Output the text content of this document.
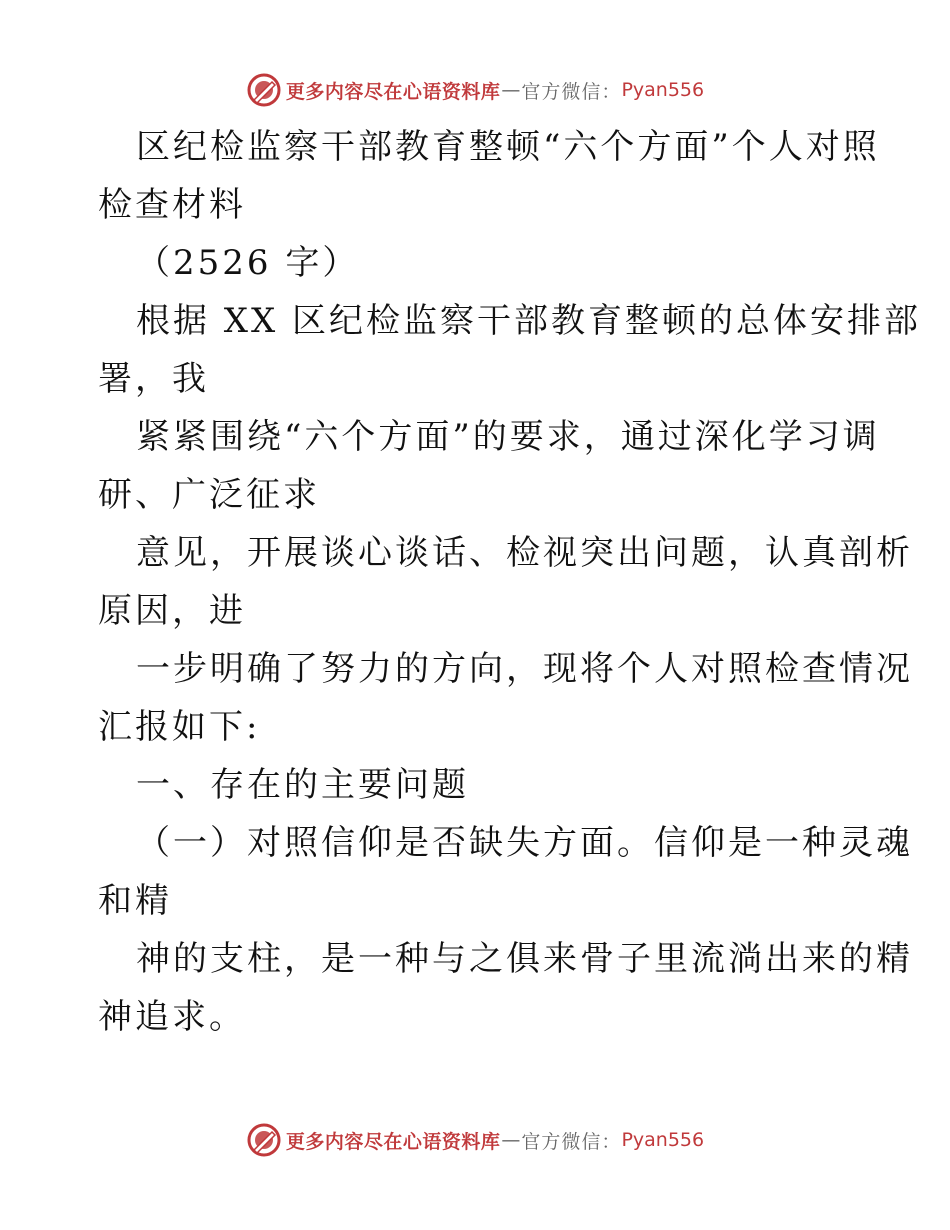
更多内容尽在心语资料库 — 官方微信： Pyan556
区纪检监察干部教育整顿“六个方面”个人对照
检查材料
（2526 字）
根据 XX 区纪检监察干部教育整顿的总体安排部
署，我
紧紧围绕“六个方面”的要求，通过深化学习调
研、广泛征求
意见，开展谈心谈话、检视突出问题，认真剖析
原因，进
一步明确了努力的方向，现将个人对照检查情况
汇报如下:
一、存在的主要问题
（一）对照信仰是否缺失方面。信仰是一种灵魂
和精
神的支柱，是一种与之俱来骨子里流淌出来的精
神追求。
更多内容尽在心语资料库 — 官方微信： Pyan556
